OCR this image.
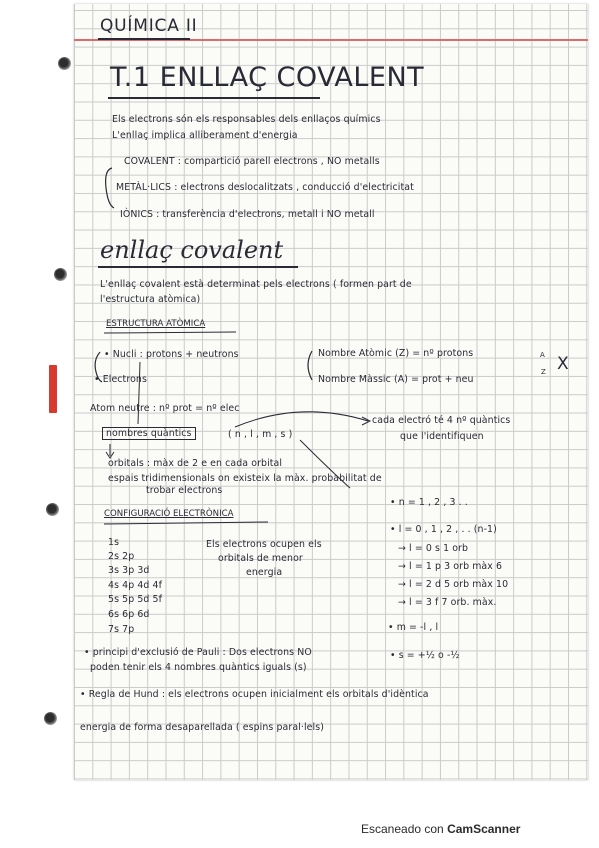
QUÍMICA II
T.1 ENLLAÇ COVALENT
Els electrons són els responsables dels enllaços químics
L'enllaç implica alliberament d'energia
COVALENT : compartició parell electrons , NO metalls
METÀL·LICS : electrons deslocalitzats , conducció d'electricitat
IÒNICS : transferència d'electrons, metall i NO metall
enllaç covalent
L'enllaç covalent està determinat pels electrons ( formen part de
l'estructura atòmica)
ESTRUCTURA ATÒMICA
• Nucli : protons + neutrons
• Electrons
Nombre Atòmic (Z) = nº protons
Nombre Màssic (A) = prot + neu
X
A
Z
Atom neutre : nº prot = nº elec
nombres quàntics	( n , l , m , s )
cada electró té 4 nº quàntics
que l'identifiquen
orbitals : màx de 2 e en cada orbital
espais tridimensionals on existeix la màx. probabilitat de
trobar electrons
CONFIGURACIÓ ELECTRÒNICA
1s
2s 2p
3s 3p 3d
4s 4p 4d 4f
5s 5p 5d 5f
6s 6p 6d
7s 7p
Els electrons ocupen els
orbitals de menor
energia
• n = 1 , 2 , 3 . .
• l = 0 , 1 , 2 , . . (n-1)
→ l = 0 s 1 orb
→ l = 1 p 3 orb màx 6
→ l = 2 d 5 orb màx 10
→ l = 3 f 7 orb. màx.
• m = -l , l
• s = +½ o -½
• principi d'exclusió de Pauli : Dos electrons NO
poden tenir els 4 nombres quàntics iguals (s)
• Regla de Hund : els electrons ocupen inicialment els orbitals d'idèntica
energia de forma desaparellada ( espins paral·lels)
Escaneado con CamScanner
